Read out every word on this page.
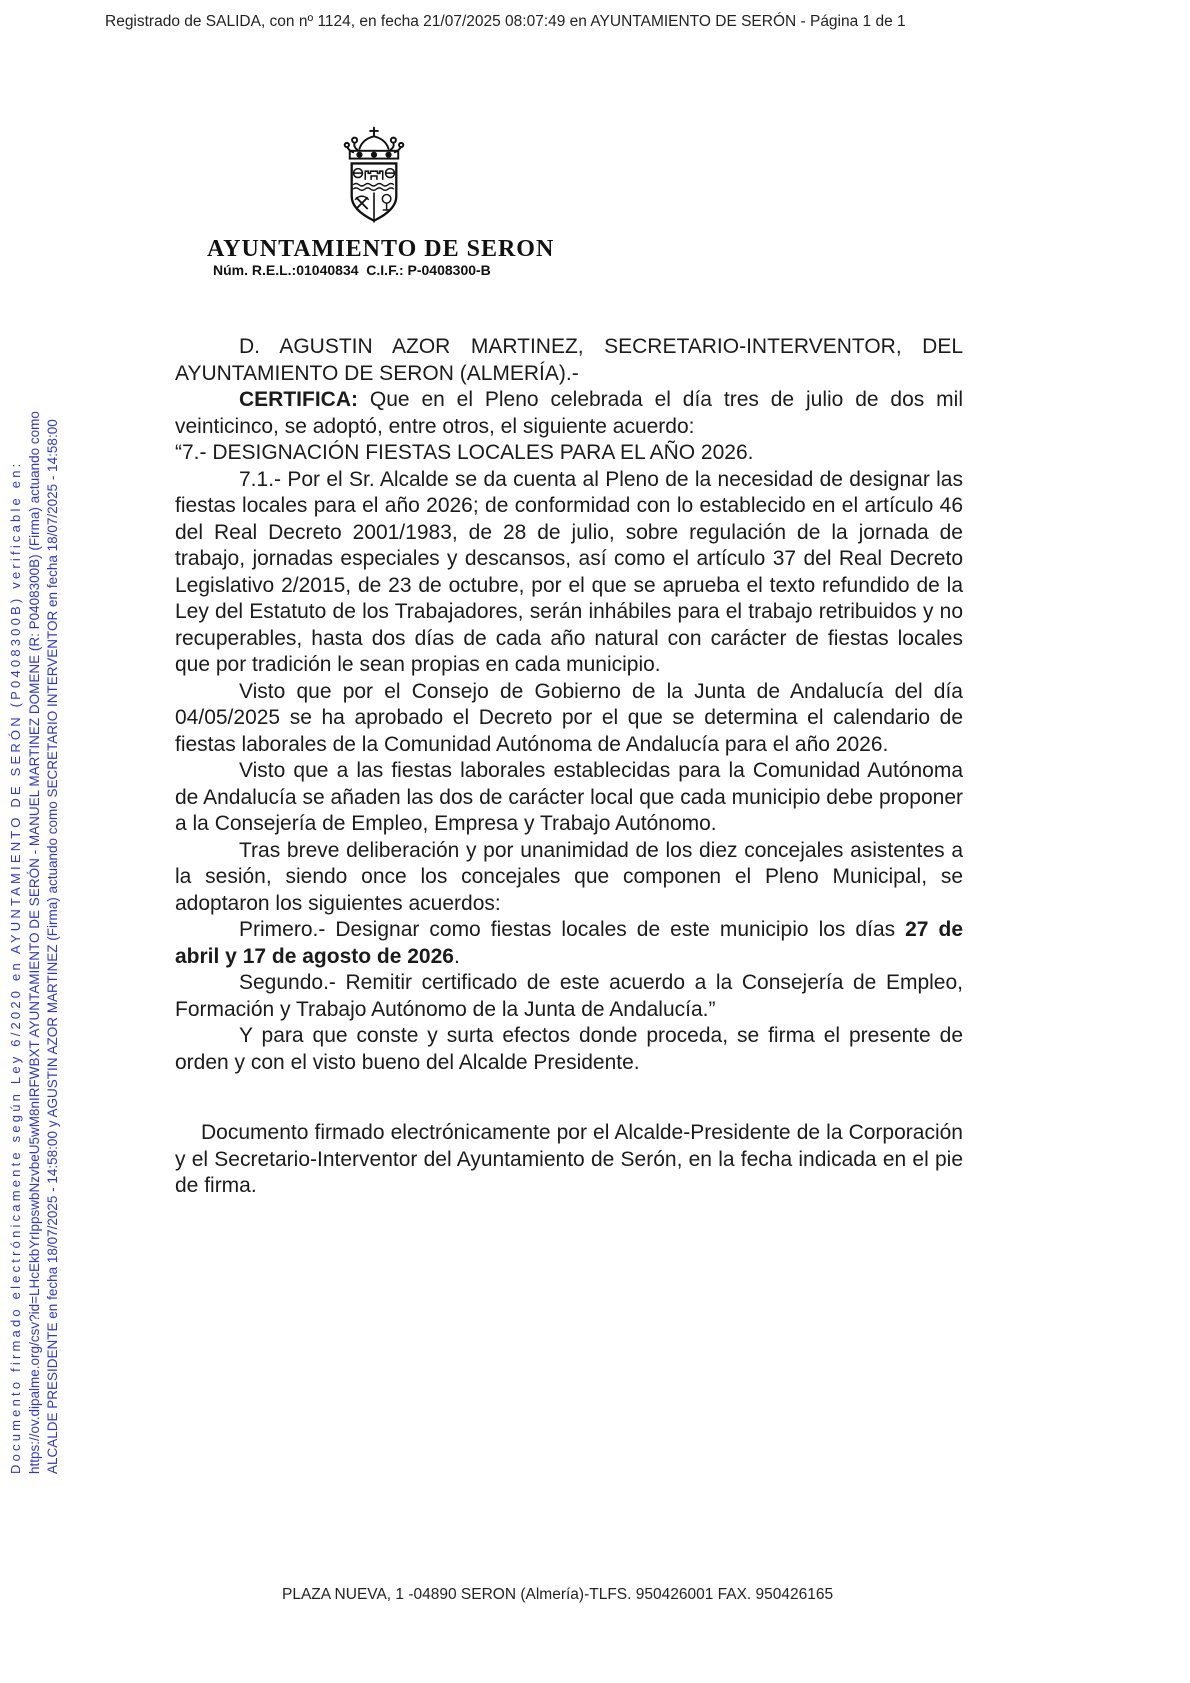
Registrado de SALIDA, con nº 1124, en fecha 21/07/2025 08:07:49 en AYUNTAMIENTO DE SERÓN - Página 1 de 1
Documento firmado electrónicamente según Ley 6/2020 en AYUNTAMIENTO DE SERÓN (P0408300B) verificable en: https://ov.dipalme.org/csv?id=LHcEkbYrIppswbNzvbeU5wM8nIRFWBXT AYUNTAMIENTO DE SERÓN - MANUEL MARTINEZ DOMENE (R: P0408300B) (Firma) actuando como ALCALDE PRESIDENTE en fecha 18/07/2025 - 14:58:00 y AGUSTIN AZOR MARTINEZ (Firma) actuando como SECRETARIO INTERVENTOR en fecha 18/07/2025 - 14:58:00
AYUNTAMIENTO DE SERON
Núm. R.E.L.:01040834  C.I.F.: P-0408300-B

D. AGUSTIN AZOR MARTINEZ, SECRETARIO-INTERVENTOR, DEL AYUNTAMIENTO DE SERON (ALMERÍA).-

CERTIFICA: Que en el Pleno celebrada el día tres de julio de dos mil veinticinco, se adoptó, entre otros, el siguiente acuerdo:

“7.- DESIGNACIÓN FIESTAS LOCALES PARA EL AÑO 2026.

7.1.- Por el Sr. Alcalde se da cuenta al Pleno de la necesidad de designar las fiestas locales para el año 2026; de conformidad con lo establecido en el artículo 46 del Real Decreto 2001/1983, de 28 de julio, sobre regulación de la jornada de trabajo, jornadas especiales y descansos, así como el artículo 37 del Real Decreto Legislativo 2/2015, de 23 de octubre, por el que se aprueba el texto refundido de la Ley del Estatuto de los Trabajadores, serán inhábiles para el trabajo retribuidos y no recuperables, hasta dos días de cada año natural con carácter de fiestas locales que por tradición le sean propias en cada municipio.

Visto que por el Consejo de Gobierno de la Junta de Andalucía del día 04/05/2025 se ha aprobado el Decreto por el que se determina el calendario de fiestas laborales de la Comunidad Autónoma de Andalucía para el año 2026.

Visto que a las fiestas laborales establecidas para la Comunidad Autónoma de Andalucía se añaden las dos de carácter local que cada municipio debe proponer a la Consejería de Empleo, Empresa y Trabajo Autónomo.

Tras breve deliberación y por unanimidad de los diez concejales asistentes a la sesión, siendo once los concejales que componen el Pleno Municipal, se adoptaron los siguientes acuerdos:

Primero.- Designar como fiestas locales de este municipio los días 27 de abril y 17 de agosto de 2026.

Segundo.- Remitir certificado de este acuerdo a la Consejería de Empleo, Formación y Trabajo Autónomo de la Junta de Andalucía.”

Y para que conste y surta efectos donde proceda, se firma el presente de orden y con el visto bueno del Alcalde Presidente.

Documento firmado electrónicamente por el Alcalde-Presidente de la Corporación y el Secretario-Interventor del Ayuntamiento de Serón, en la fecha indicada en el pie de firma.

PLAZA NUEVA, 1 -04890 SERON (Almería)-TLFS. 950426001 FAX. 950426165
